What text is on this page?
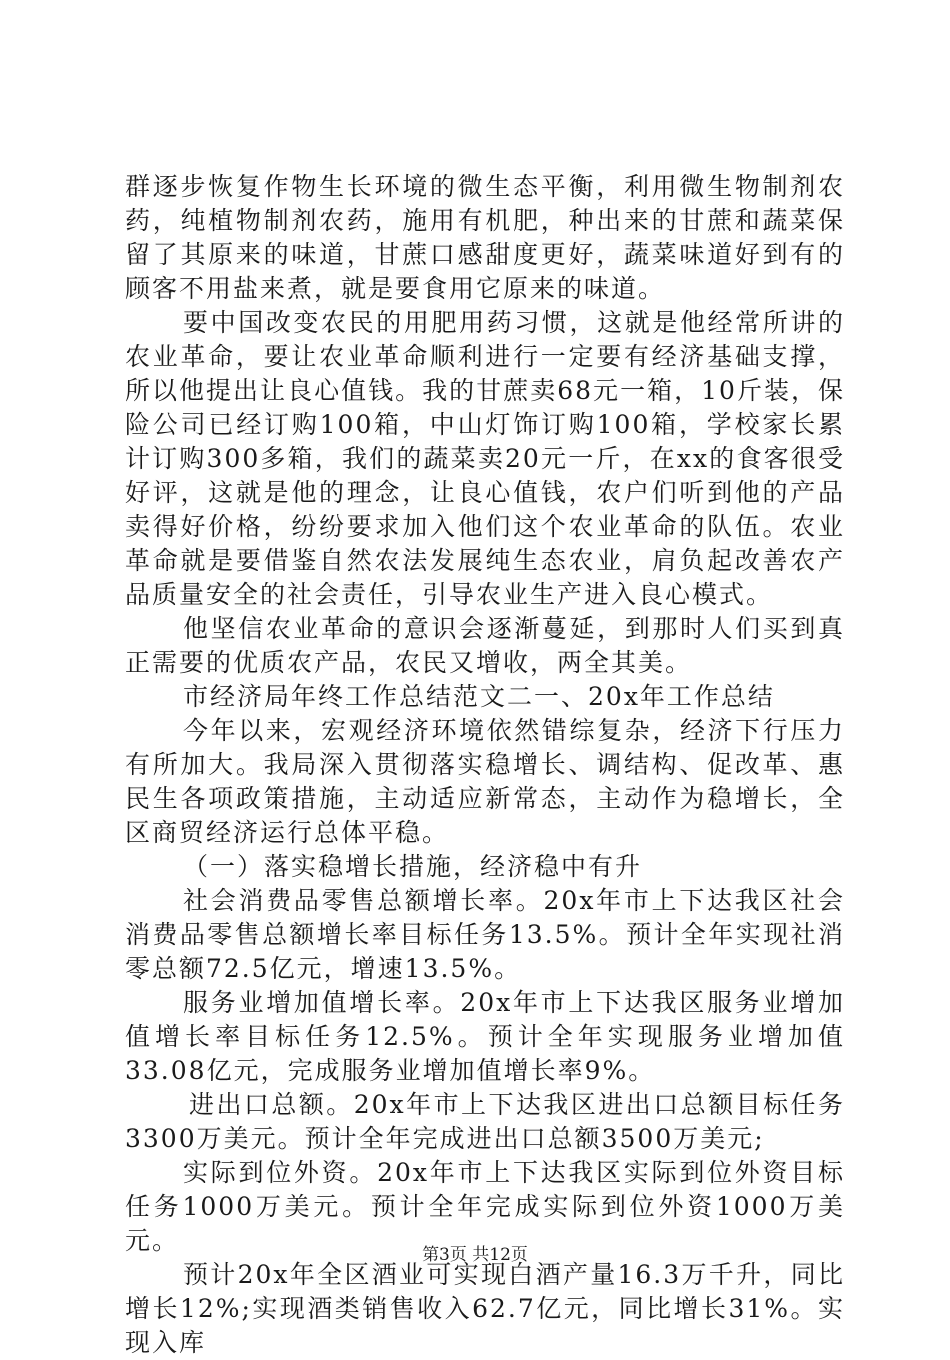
群逐步恢复作物生长环境的微生态平衡，利用微生物制剂农药，纯植物制剂农药，施用有机肥，种出来的甘蔗和蔬菜保留了其原来的味道，甘蔗口感甜度更好，蔬菜味道好到有的顾客不用盐来煮，就是要食用它原来的味道。

要中国改变农民的用肥用药习惯，这就是他经常所讲的农业革命，要让农业革命顺利进行一定要有经济基础支撑，所以他提出让良心值钱。我的甘蔗卖68元一箱，10斤装，保险公司已经订购100箱，中山灯饰订购100箱，学校家长累计订购300多箱，我们的蔬菜卖20元一斤，在xx的食客很受好评，这就是他的理念，让良心值钱，农户们听到他的产品卖得好价格，纷纷要求加入他们这个农业革命的队伍。农业革命就是要借鉴自然农法发展纯生态农业，肩负起改善农产品质量安全的社会责任，引导农业生产进入良心模式。

他坚信农业革命的意识会逐渐蔓延，到那时人们买到真正需要的优质农产品，农民又增收，两全其美。

市经济局年终工作总结范文二一、20x年工作总结

今年以来，宏观经济环境依然错综复杂，经济下行压力有所加大。我局深入贯彻落实稳增长、调结构、促改革、惠民生各项政策措施，主动适应新常态，主动作为稳增长，全区商贸经济运行总体平稳。

（一）落实稳增长措施，经济稳中有升

社会消费品零售总额增长率。20x年市上下达我区社会消费品零售总额增长率目标任务13.5%。预计全年实现社消零总额72.5亿元，增速13.5%。

服务业增加值增长率。20x年市上下达我区服务业增加值增长率目标任务12.5%。预计全年实现服务业增加值33.08亿元，完成服务业增加值增长率9%。

进出口总额。20x年市上下达我区进出口总额目标任务3300万美元。预计全年完成进出口总额3500万美元;

实际到位外资。20x年市上下达我区实际到位外资目标任务1000万美元。预计全年完成实际到位外资1000万美元。

预计20x年全区酒业可实现白酒产量16.3万千升，同比增长12%;实现酒类销售收入62.7亿元，同比增长31%。实现入库

第3页 共12页
